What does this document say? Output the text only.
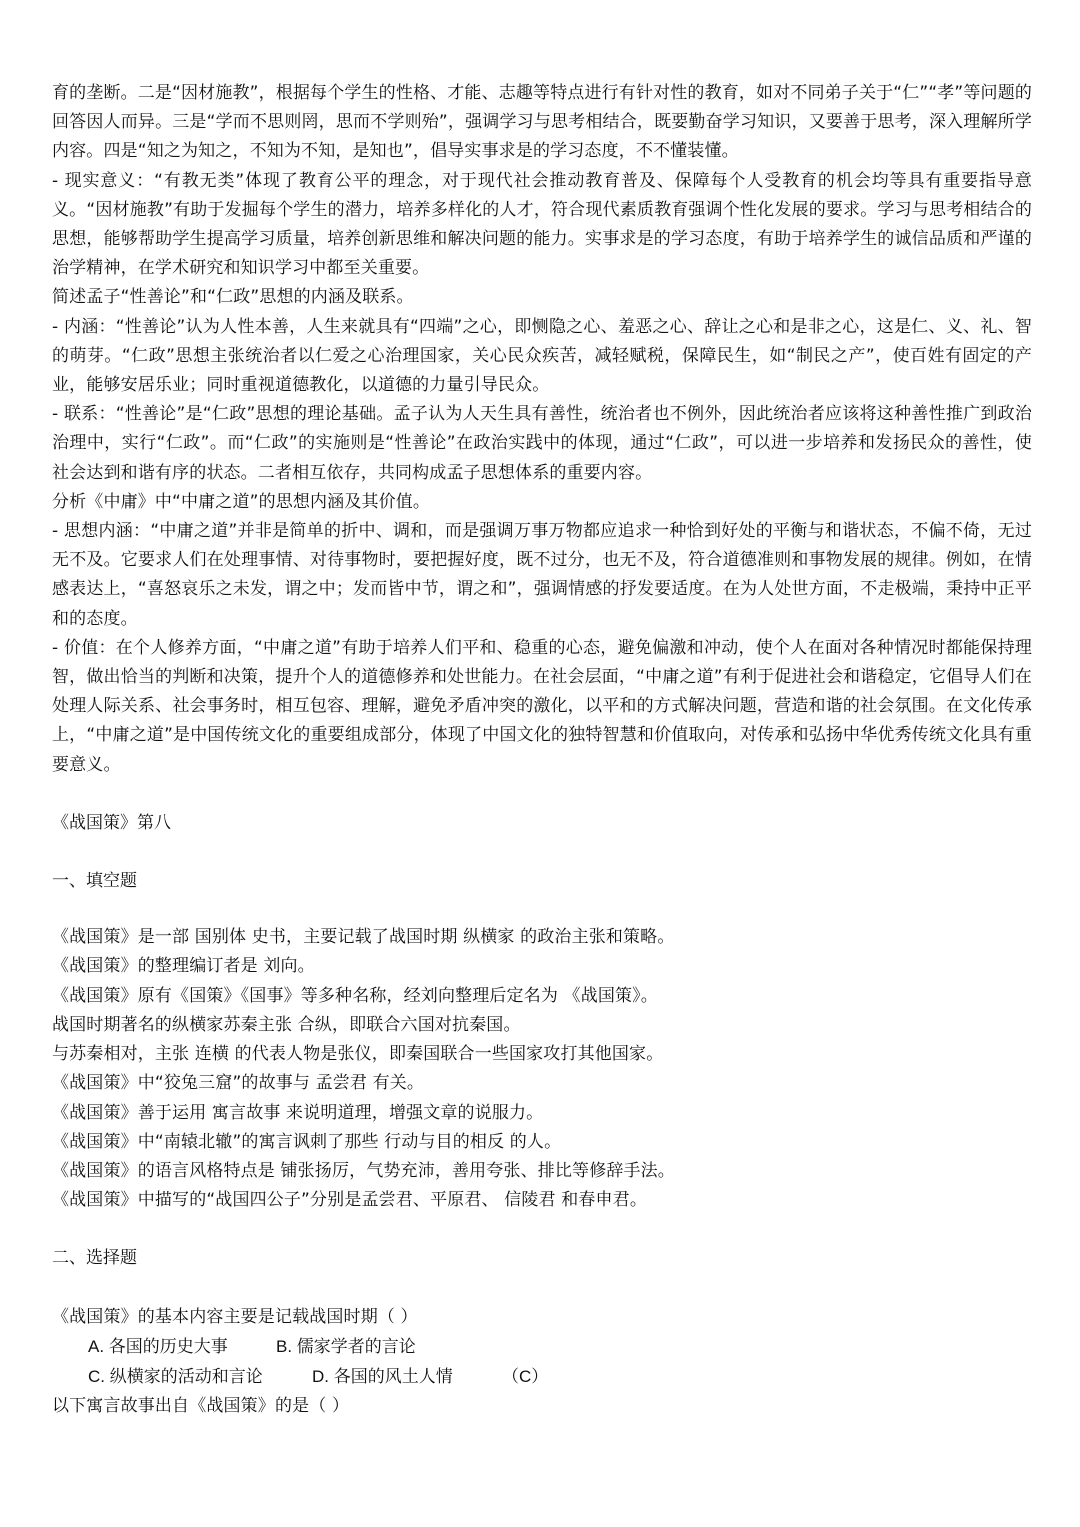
育的垄断。二是“因材施教”，根据每个学生的性格、才能、志趣等特点进行有针对性的教育，如对不同弟子关于“仁”“孝”等问题的回答因人而异。三是“学而不思则罔，思而不学则殆”，强调学习与思考相结合，既要勤奋学习知识，又要善于思考，深入理解所学内容。四是“知之为知之，不知为不知，是知也”，倡导实事求是的学习态度，不不懂装懂。

- 现实意义：“有教无类”体现了教育公平的理念，对于现代社会推动教育普及、保障每个人受教育的机会均等具有重要指导意义。“因材施教”有助于发掘每个学生的潜力，培养多样化的人才，符合现代素质教育强调个性化发展的要求。学习与思考相结合的思想，能够帮助学生提高学习质量，培养创新思维和解决问题的能力。实事求是的学习态度，有助于培养学生的诚信品质和严谨的治学精神，在学术研究和知识学习中都至关重要。

简述孟子“性善论”和“仁政”思想的内涵及联系。

- 内涵：“性善论”认为人性本善，人生来就具有“四端”之心，即恻隐之心、羞恶之心、辞让之心和是非之心，这是仁、义、礼、智的萌芽。“仁政”思想主张统治者以仁爱之心治理国家，关心民众疾苦，减轻赋税，保障民生，如“制民之产”，使百姓有固定的产业，能够安居乐业；同时重视道德教化，以道德的力量引导民众。

- 联系：“性善论”是“仁政”思想的理论基础。孟子认为人天生具有善性，统治者也不例外，因此统治者应该将这种善性推广到政治治理中，实行“仁政”。而“仁政”的实施则是“性善论”在政治实践中的体现，通过“仁政”，可以进一步培养和发扬民众的善性，使社会达到和谐有序的状态。二者相互依存，共同构成孟子思想体系的重要内容。

分析《中庸》中“中庸之道”的思想内涵及其价值。

- 思想内涵：“中庸之道”并非是简单的折中、调和，而是强调万事万物都应追求一种恰到好处的平衡与和谐状态，不偏不倚，无过无不及。它要求人们在处理事情、对待事物时，要把握好度，既不过分，也无不及，符合道德准则和事物发展的规律。例如，在情感表达上，“喜怒哀乐之未发，谓之中；发而皆中节，谓之和”，强调情感的抒发要适度。在为人处世方面，不走极端，秉持中正平和的态度。

- 价值：在个人修养方面，“中庸之道”有助于培养人们平和、稳重的心态，避免偏激和冲动，使个人在面对各种情况时都能保持理智，做出恰当的判断和决策，提升个人的道德修养和处世能力。在社会层面，“中庸之道”有利于促进社会和谐稳定，它倡导人们在处理人际关系、社会事务时，相互包容、理解，避免矛盾冲突的激化，以平和的方式解决问题，营造和谐的社会氛围。在文化传承上，“中庸之道”是中国传统文化的重要组成部分，体现了中国文化的独特智慧和价值取向，对传承和弘扬中华优秀传统文化具有重要意义。

《战国策》第八

一、填空题

《战国策》是一部 国别体 史书，主要记载了战国时期 纵横家 的政治主张和策略。

《战国策》的整理编订者是 刘向。

《战国策》原有《国策》《国事》等多种名称，经刘向整理后定名为 《战国策》。

战国时期著名的纵横家苏秦主张 合纵，即联合六国对抗秦国。

与苏秦相对，主张 连横 的代表人物是张仪，即秦国联合一些国家攻打其他国家。

《战国策》中“狡兔三窟”的故事与 孟尝君 有关。

《战国策》善于运用 寓言故事 来说明道理，增强文章的说服力。

《战国策》中“南辕北辙”的寓言讽刺了那些 行动与目的相反 的人。

《战国策》的语言风格特点是 铺张扬厉，气势充沛，善用夸张、排比等修辞手法。

《战国策》中描写的“战国四公子”分别是孟尝君、平原君、 信陵君 和春申君。

二、选择题

《战国策》的基本内容主要是记载战国时期（ ）

A. 各国的历史大事	B. 儒家学者的言论

C. 纵横家的活动和言论	D. 各国的风土人情	（C）

以下寓言故事出自《战国策》的是（ ）
